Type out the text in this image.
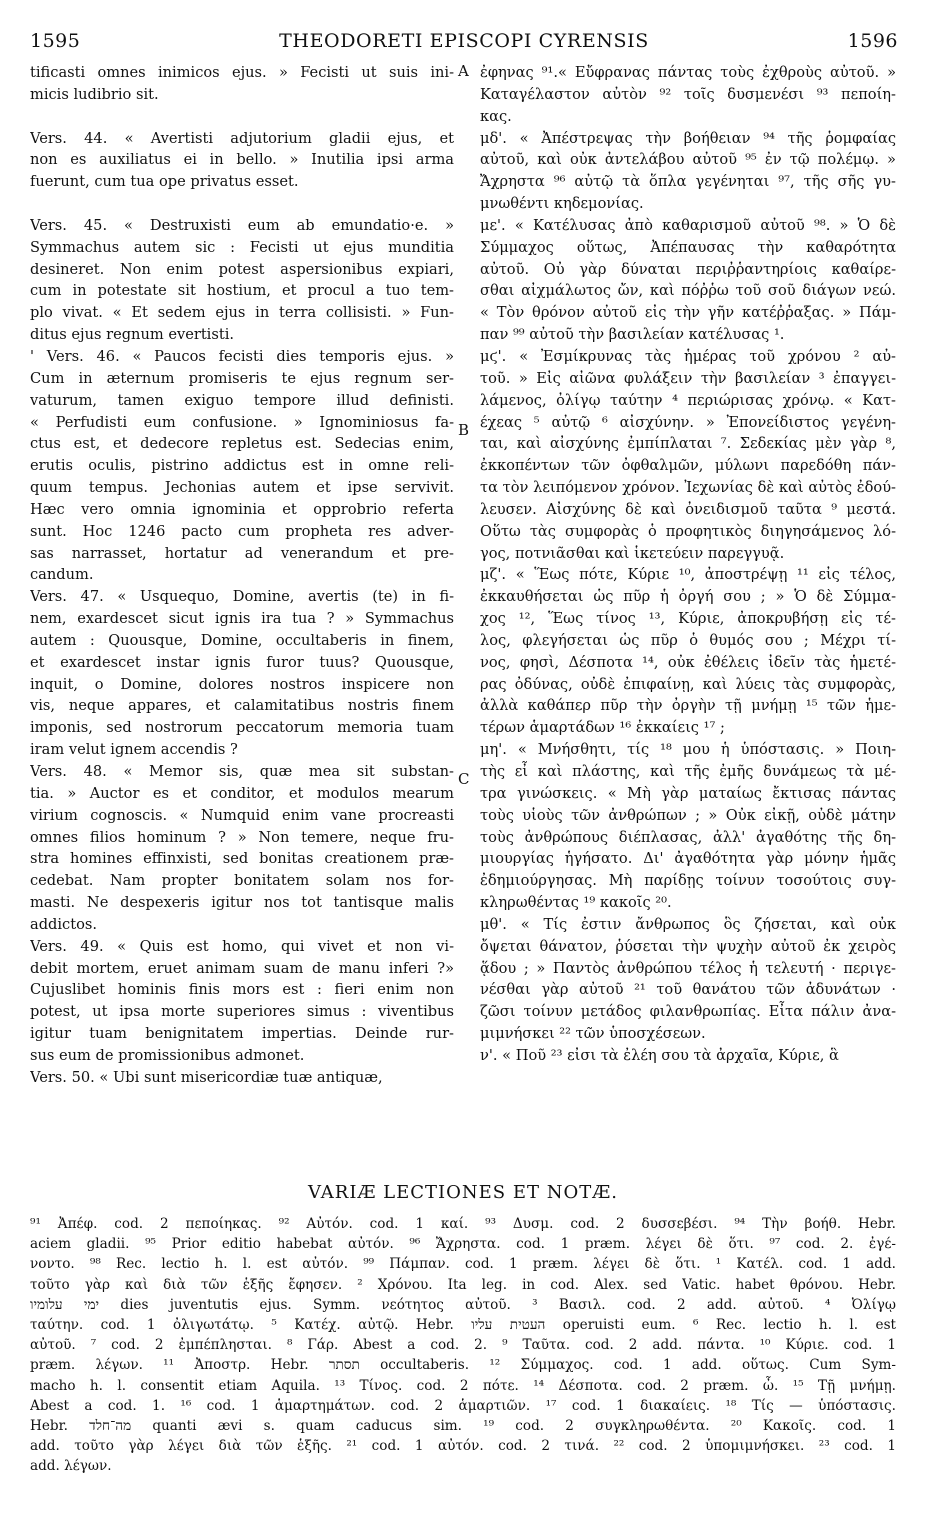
1595	THEODORETI EPISCOPI CYRENSIS	1596
tificasti omnes inimicos ejus. » Fecisti ut suis ini-
micis ludibrio sit.
Vers. 44. « Avertisti adjutorium gladii ejus, et
non es auxiliatus ei in bello. » Inutilia ipsi arma
fuerunt, cum tua ope privatus esset.
Vers. 45. « Destruxisti eum ab emundatio·e. »
Symmachus autem sic : Fecisti ut ejus munditia
desineret. Non enim potest aspersionibus expiari,
cum in potestate sit hostium, et procul a tuo tem-
plo vivat. « Et sedem ejus in terra collisisti. » Fun-
ditus ejus regnum evertisti.
' Vers. 46. « Paucos fecisti dies temporis ejus. »
Cum in æternum promiseris te ejus regnum ser-
vaturum, tamen exiguo tempore illud definisti.
« Perfudisti eum confusione. » Ignominiosus fa-
ctus est, et dedecore repletus est. Sedecias enim,
erutis oculis, pistrino addictus est in omne reli-
quum tempus. Jechonias autem et ipse servivit.
Hæc vero omnia ignominia et opprobrio referta
sunt. Hoc 1246 pacto cum propheta res adver-
sas narrasset, hortatur ad venerandum et pre-
candum.
Vers. 47. « Usquequo, Domine, avertis (te) in fi-
nem, exardescet sicut ignis ira tua ? » Symmachus
autem : Quousque, Domine, occultaberis in finem,
et exardescet instar ignis furor tuus? Quousque,
inquit, o Domine, dolores nostros inspicere non
vis, neque appares, et calamitatibus nostris finem
imponis, sed nostrorum peccatorum memoria tuam
iram velut ignem accendis ?
Vers. 48. « Memor sis, quæ mea sit substan-
tia. » Auctor es et conditor, et modulos mearum
virium cognoscis. « Numquid enim vane procreasti
omnes filios hominum ? » Non temere, neque fru-
stra homines effinxisti, sed bonitas creationem præ-
cedebat. Nam propter bonitatem solam nos for-
masti. Ne despexeris igitur nos tot tantisque malis
addictos.
Vers. 49. « Quis est homo, qui vivet et non vi-
debit mortem, eruet animam suam de manu inferi ?»
Cujuslibet hominis finis mors est : fieri enim non
potest, ut ipsa morte superiores simus : viventibus
igitur tuam benignitatem impertias. Deinde rur-
sus eum de promissionibus admonet.
Vers. 50. « Ubi sunt misericordiæ tuæ antiquæ,
ἐφηνας ⁹¹.« Εὔφρανας πάντας τοὺς ἐχθροὺς αὐτοῦ. »
Καταγέλαστον αὐτὸν ⁹² τοῖς δυσμενέσι ⁹³ πεποίη-
κας.
μδ'. « Ἀπέστρεψας τὴν βοήθειαν ⁹⁴ τῆς ῥομφαίας
αὐτοῦ, καὶ οὐκ ἀντελάβου αὐτοῦ ⁹⁵ ἐν τῷ πολέμῳ. »
Ἄχρηστα ⁹⁶ αὐτῷ τὰ ὅπλα γεγένηται ⁹⁷, τῆς σῆς γυ-
μνωθέντι κηδεμονίας.
με'. « Κατέλυσας ἀπὸ καθαρισμοῦ αὐτοῦ ⁹⁸. » Ὁ δὲ
Σύμμαχος οὕτως, Ἀπέπαυσας τὴν καθαρότητα
αὐτοῦ. Οὐ γὰρ δύναται περιῤῥαντηρίοις καθαίρε-
σθαι αἰχμάλωτος ὤν, καὶ πόῤῥω τοῦ σοῦ διάγων νεώ.
« Τὸν θρόνον αὐτοῦ εἰς τὴν γῆν κατέῤῥαξας. » Πάμ-
παν ⁹⁹ αὐτοῦ τὴν βασιλείαν κατέλυσας ¹.
μϛ'. « Ἐσμίκρυνας τὰς ἡμέρας τοῦ χρόνου ² αὐ-
τοῦ. » Εἰς αἰῶνα φυλάξειν τὴν βασιλείαν ³ ἐπαγγει-
λάμενος, ὀλίγῳ ταύτην ⁴ περιώρισας χρόνῳ. « Κατ-
έχεας ⁵ αὐτῷ ⁶ αἰσχύνην. » Ἐπονείδιστος γεγένη-
ται, καὶ αἰσχύνης ἐμπίπλαται ⁷. Σεδεκίας μὲν γὰρ ⁸,
ἐκκοπέντων τῶν ὀφθαλμῶν, μύλωνι παρεδόθη πάν-
τα τὸν λειπόμενον χρόνον. Ἰεχωνίας δὲ καὶ αὐτὸς ἐδού-
λευσεν. Αἰσχύνης δὲ καὶ ὀνειδισμοῦ ταῦτα ⁹ μεστά.
Οὕτω τὰς συμφορὰς ὁ προφητικὸς διηγησάμενος λό-
γος, ποτνιᾶσθαι καὶ ἱκετεύειν παρεγγυᾷ.
μζ'. « Ἕως πότε, Κύριε ¹⁰, ἀποστρέψῃ ¹¹ εἰς τέλος,
ἐκκαυθήσεται ὡς πῦρ ἡ ὀργή σου ; » Ὁ δὲ Σύμμα-
χος ¹², Ἕως τίνος ¹³, Κύριε, ἀποκρυβήσῃ εἰς τέ-
λος, φλεγήσεται ὡς πῦρ ὁ θυμός σου ; Μέχρι τί-
νος, φησὶ, Δέσποτα ¹⁴, οὐκ ἐθέλεις ἰδεῖν τὰς ἡμετέ-
ρας ὀδύνας, οὐδὲ ἐπιφαίνῃ, καὶ λύεις τὰς συμφορὰς,
ἀλλὰ καθάπερ πῦρ τὴν ὀργὴν τῇ μνήμῃ ¹⁵ τῶν ἡμε-
τέρων ἁμαρτάδων ¹⁶ ἐκκαίεις ¹⁷ ;
μη'. « Μνήσθητι, τίς ¹⁸ μου ἡ ὑπόστασις. » Ποιη-
τὴς εἶ καὶ πλάστης, καὶ τῆς ἐμῆς δυνάμεως τὰ μέ-
τρα γινώσκεις. « Μὴ γὰρ ματαίως ἔκτισας πάντας
τοὺς υἱοὺς τῶν ἀνθρώπων ; » Οὐκ εἰκῇ, οὐδὲ μάτην
τοὺς ἀνθρώπους διέπλασας, ἀλλ' ἀγαθότης τῆς δη-
μιουργίας ἡγήσατο. Δι' ἀγαθότητα γὰρ μόνην ἡμᾶς
ἐδημιούργησας. Μὴ παρίδῃς τοίνυν τοσούτοις συγ-
κληρωθέντας ¹⁹ κακοῖς ²⁰.
μθ'. « Τίς ἐστιν ἄνθρωπος ὃς ζήσεται, καὶ οὐκ
ὄψεται θάνατον, ῥύσεται τὴν ψυχὴν αὐτοῦ ἐκ χειρὸς
ᾅδου ; » Παντὸς ἀνθρώπου τέλος ἡ τελευτή · περιγε-
νέσθαι γὰρ αὐτοῦ ²¹ τοῦ θανάτου τῶν ἀδυνάτων ·
ζῶσι τοίνυν μετάδος φιλανθρωπίας. Εἶτα πάλιν ἀνα-
μιμνήσκει ²² τῶν ὑποσχέσεων.
ν'. « Ποῦ ²³ εἰσι τὰ ἐλέη σου τὰ ἀρχαῖα, Κύριε, ἃ
A
B
C
VARIÆ LECTIONES ET NOTÆ.
⁹¹ Ἀπέφ. cod. 2 πεποίηκας. ⁹² Αὐτόν. cod. 1 καί. ⁹³ Δυσμ. cod. 2 δυσσεβέσι. ⁹⁴ Τὴν βοήθ. Hebr.
aciem gladii. ⁹⁵ Prior editio habebat αὐτόν. ⁹⁶ Ἄχρηστα. cod. 1 præm. λέγει δὲ ὅτι. ⁹⁷ cod. 2. ἐγέ-
νοντο. ⁹⁸ Rec. lectio h. l. est αὐτόν. ⁹⁹ Πάμπαν. cod. 1 præm. λέγει δὲ ὅτι. ¹ Κατέλ. cod. 1 add.
τοῦτο γὰρ καὶ διὰ τῶν ἑξῆς ἔφησεν. ² Χρόνου. Ita leg. in cod. Alex. sed Vatic. habet θρόνου. Hebr.
ימי עלומיו dies juventutis ejus. Symm. νεότητος αὐτοῦ. ³ Βασιλ. cod. 2 add. αὐτοῦ. ⁴ Ὀλίγῳ
ταύτην. cod. 1 ὀλιγωτάτῳ. ⁵ Κατέχ. αὐτῷ. Hebr. העטית עליו operuisti eum. ⁶ Rec. lectio h. l. est
αὐτοῦ. ⁷ cod. 2 ἐμπέπλησται. ⁸ Γάρ. Abest a cod. 2. ⁹ Ταῦτα. cod. 2 add. πάντα. ¹⁰ Κύριε. cod. 1
præm. λέγων. ¹¹ Ἀποστρ. Hebr. תסתר occultaberis. ¹² Σύμμαχος. cod. 1 add. οὕτως. Cum Sym-
macho h. l. consentit etiam Aquila. ¹³ Τίνος. cod. 2 πότε. ¹⁴ Δέσποτα. cod. 2 præm. ὦ. ¹⁵ Τῇ μνήμῃ.
Abest a cod. 1. ¹⁶ cod. 1 ἁμαρτημάτων. cod. 2 ἁμαρτιῶν. ¹⁷ cod. 1 διακαίεις. ¹⁸ Τίς — ὑπόστασις.
Hebr. מה־חלד quanti ævi s. quam caducus sim. ¹⁹ cod. 2 συγκληρωθέντα. ²⁰ Κακοῖς. cod. 1
add. τοῦτο γὰρ λέγει διὰ τῶν ἑξῆς. ²¹ cod. 1 αὐτόν. cod. 2 τινά. ²² cod. 2 ὑπομιμνήσκει. ²³ cod. 1
add. λέγων.
